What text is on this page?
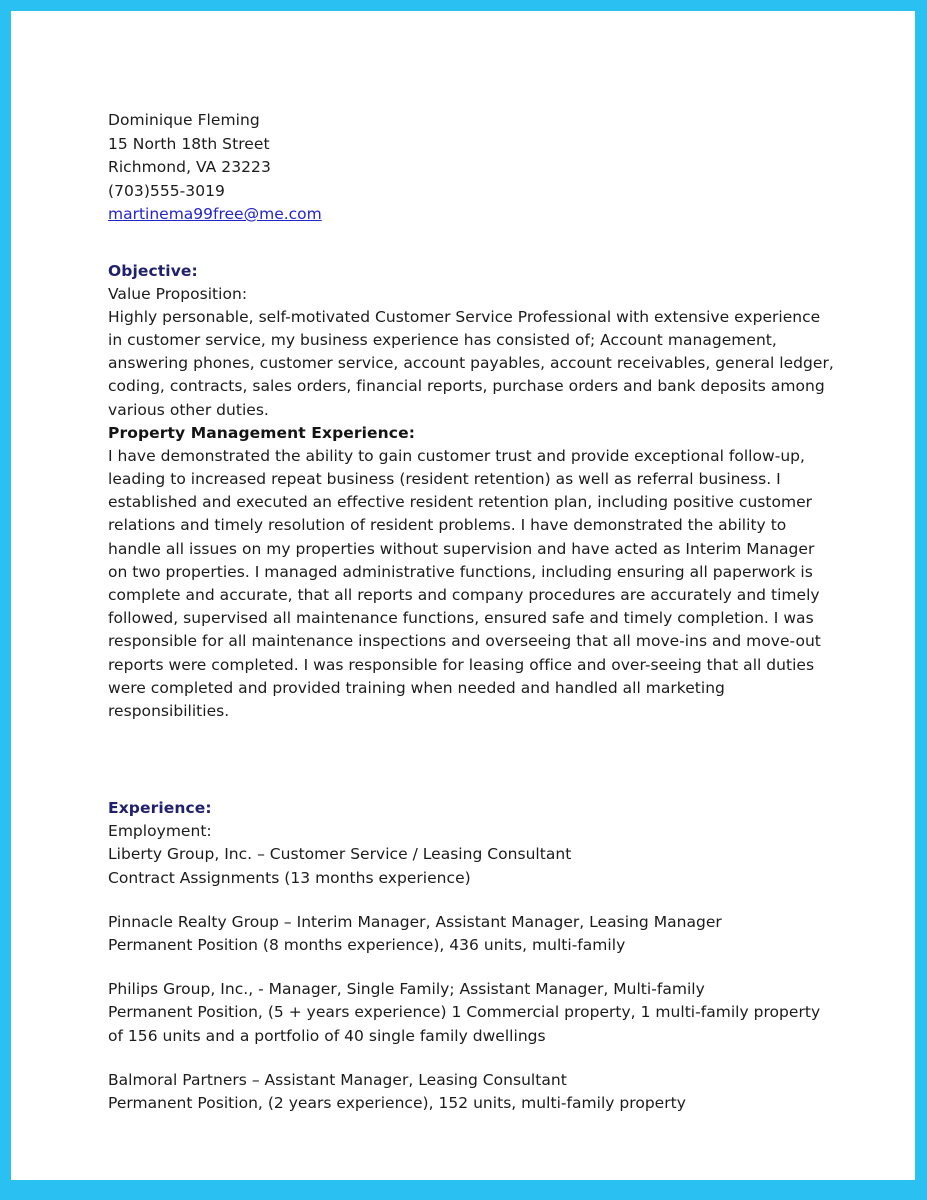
Dominique Fleming
15 North 18th Street
Richmond, VA 23223
(703)555-3019
martinema99free@me.com
Objective:
Value Proposition:
Highly personable, self-motivated Customer Service Professional with extensive experience
in customer service, my business experience has consisted of; Account management,
answering phones, customer service, account payables, account receivables, general ledger,
coding, contracts, sales orders, financial reports, purchase orders and bank deposits among
various other duties.
Property Management Experience:
I have demonstrated the ability to gain customer trust and provide exceptional follow-up,
leading to increased repeat business (resident retention) as well as referral business. I
established and executed an effective resident retention plan, including positive customer
relations and timely resolution of resident problems. I have demonstrated the ability to
handle all issues on my properties without supervision and have acted as Interim Manager
on two properties. I managed administrative functions, including ensuring all paperwork is
complete and accurate, that all reports and company procedures are accurately and timely
followed, supervised all maintenance functions, ensured safe and timely completion. I was
responsible for all maintenance inspections and overseeing that all move-ins and move-out
reports were completed. I was responsible for leasing office and over-seeing that all duties
were completed and provided training when needed and handled all marketing
responsibilities.
Experience:
Employment:
Liberty Group, Inc. – Customer Service / Leasing Consultant
Contract Assignments (13 months experience)
Pinnacle Realty Group – Interim Manager, Assistant Manager, Leasing Manager
Permanent Position (8 months experience), 436 units, multi-family
Philips Group, Inc., - Manager, Single Family; Assistant Manager, Multi-family
Permanent Position, (5 + years experience) 1 Commercial property, 1 multi-family property
of 156 units and a portfolio of 40 single family dwellings
Balmoral Partners – Assistant Manager, Leasing Consultant
Permanent Position, (2 years experience), 152 units, multi-family property
